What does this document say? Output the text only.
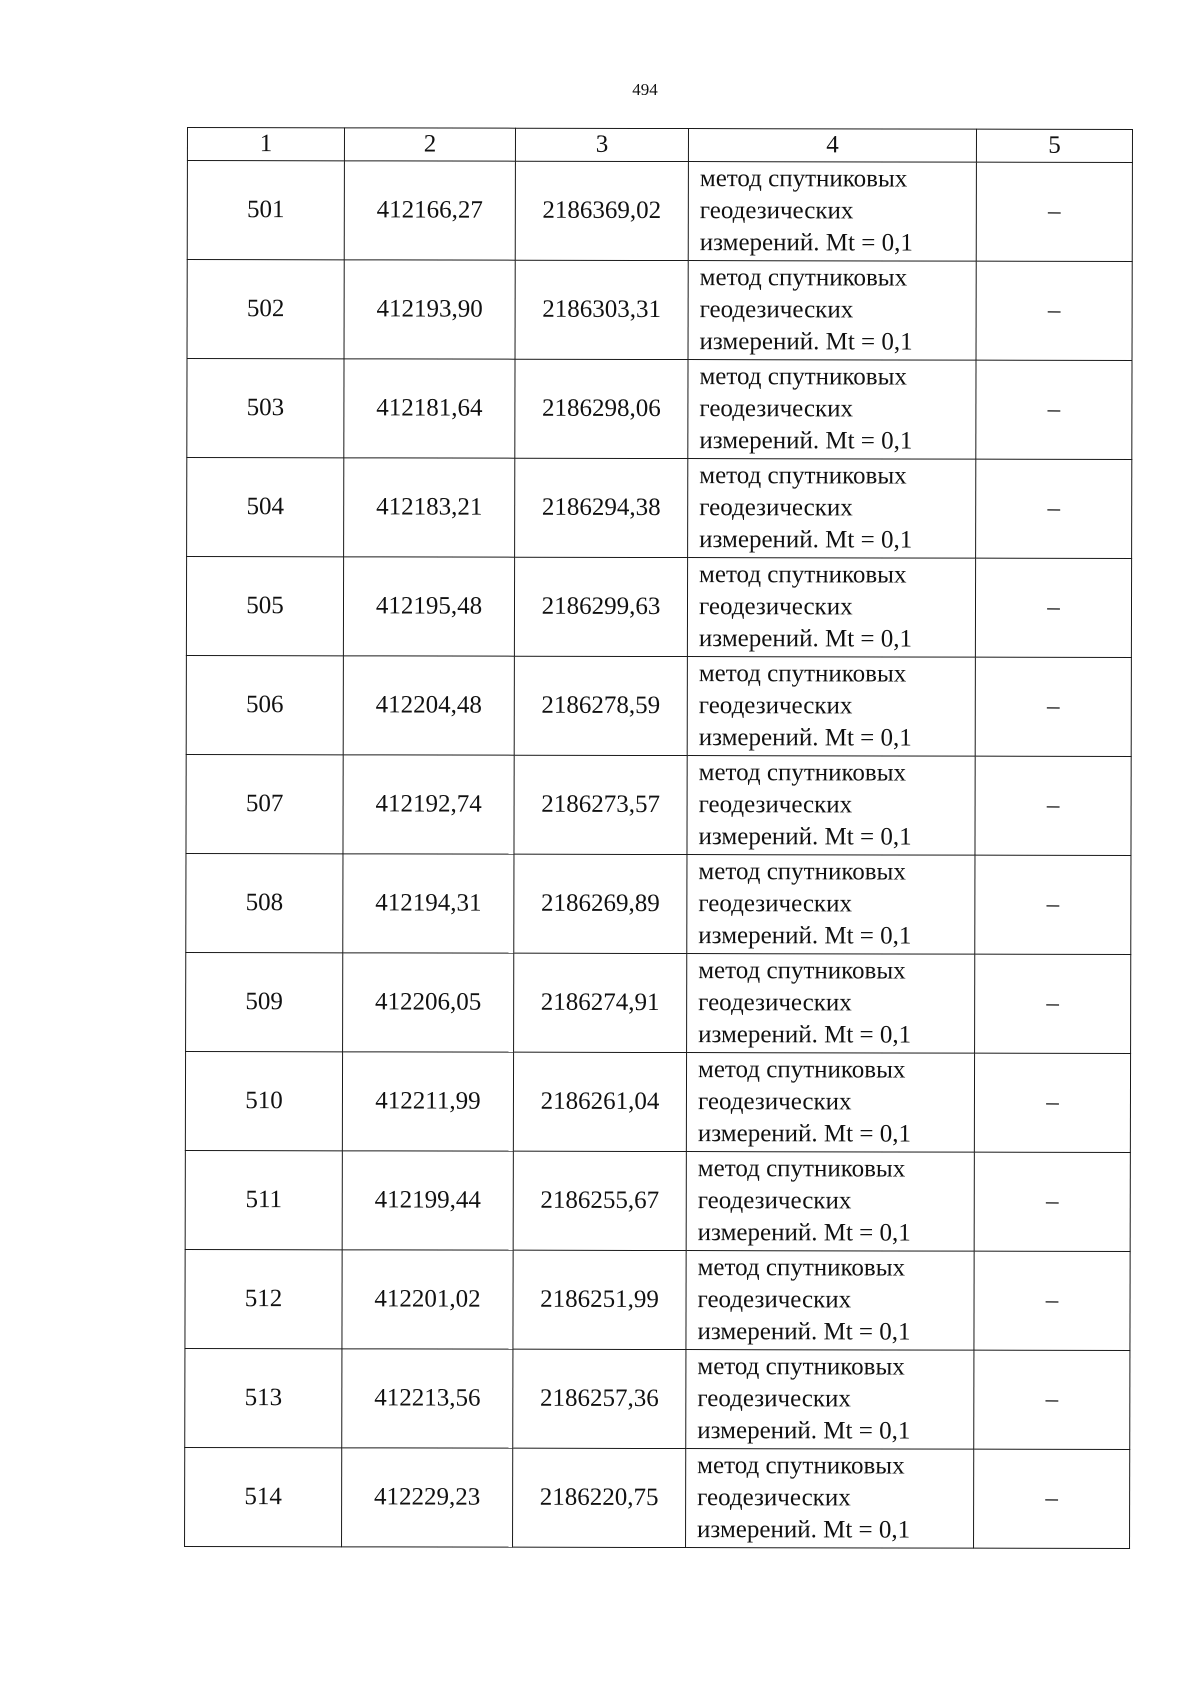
494
1	2	3	4	5
501	412166,27	2186369,02	метод спутниковых
геодезических
измерений. Mt = 0,1	–
502	412193,90	2186303,31	метод спутниковых
геодезических
измерений. Mt = 0,1	–
503	412181,64	2186298,06	метод спутниковых
геодезических
измерений. Mt = 0,1	–
504	412183,21	2186294,38	метод спутниковых
геодезических
измерений. Mt = 0,1	–
505	412195,48	2186299,63	метод спутниковых
геодезических
измерений. Mt = 0,1	–
506	412204,48	2186278,59	метод спутниковых
геодезических
измерений. Mt = 0,1	–
507	412192,74	2186273,57	метод спутниковых
геодезических
измерений. Mt = 0,1	–
508	412194,31	2186269,89	метод спутниковых
геодезических
измерений. Mt = 0,1	–
509	412206,05	2186274,91	метод спутниковых
геодезических
измерений. Mt = 0,1	–
510	412211,99	2186261,04	метод спутниковых
геодезических
измерений. Mt = 0,1	–
511	412199,44	2186255,67	метод спутниковых
геодезических
измерений. Mt = 0,1	–
512	412201,02	2186251,99	метод спутниковых
геодезических
измерений. Mt = 0,1	–
513	412213,56	2186257,36	метод спутниковых
геодезических
измерений. Mt = 0,1	–
514	412229,23	2186220,75	метод спутниковых
геодезических
измерений. Mt = 0,1	–
